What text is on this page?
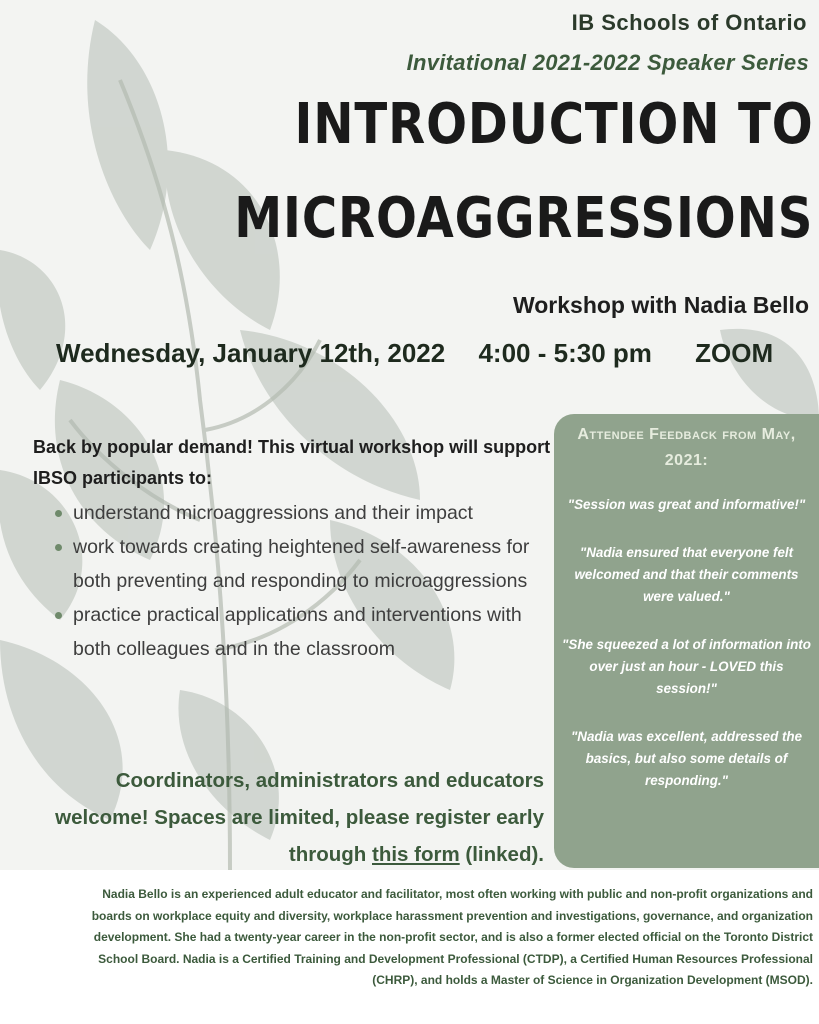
IB Schools of Ontario
Invitational 2021-2022 Speaker Series
INTRODUCTION TO
MICROAGGRESSIONS
Workshop with Nadia Bello
Wednesday, January 12th, 2022 4:00 - 5:30 pm ZOOM
Back by popular demand! This virtual workshop will support IBSO participants to:
understand microaggressions and their impact
work towards creating heightened self-awareness for both preventing and responding to microaggressions
practice practical applications and interventions with both colleagues and in the classroom
Coordinators, administrators and educators welcome! Spaces are limited, please register early through this form (linked).
Attendee Feedback from May, 2021:
"Session was great and informative!"
"Nadia ensured that everyone felt welcomed and that their comments were valued."
"She squeezed a lot of information into over just an hour - LOVED this session!"
"Nadia was excellent, addressed the basics, but also some details of responding."
Nadia Bello is an experienced adult educator and facilitator, most often working with public and non-profit organizations and boards on workplace equity and diversity, workplace harassment prevention and investigations, governance, and organization development. She had a twenty-year career in the non-profit sector, and is also a former elected official on the Toronto District School Board. Nadia is a Certified Training and Development Professional (CTDP), a Certified Human Resources Professional (CHRP), and holds a Master of Science in Organization Development (MSOD).
